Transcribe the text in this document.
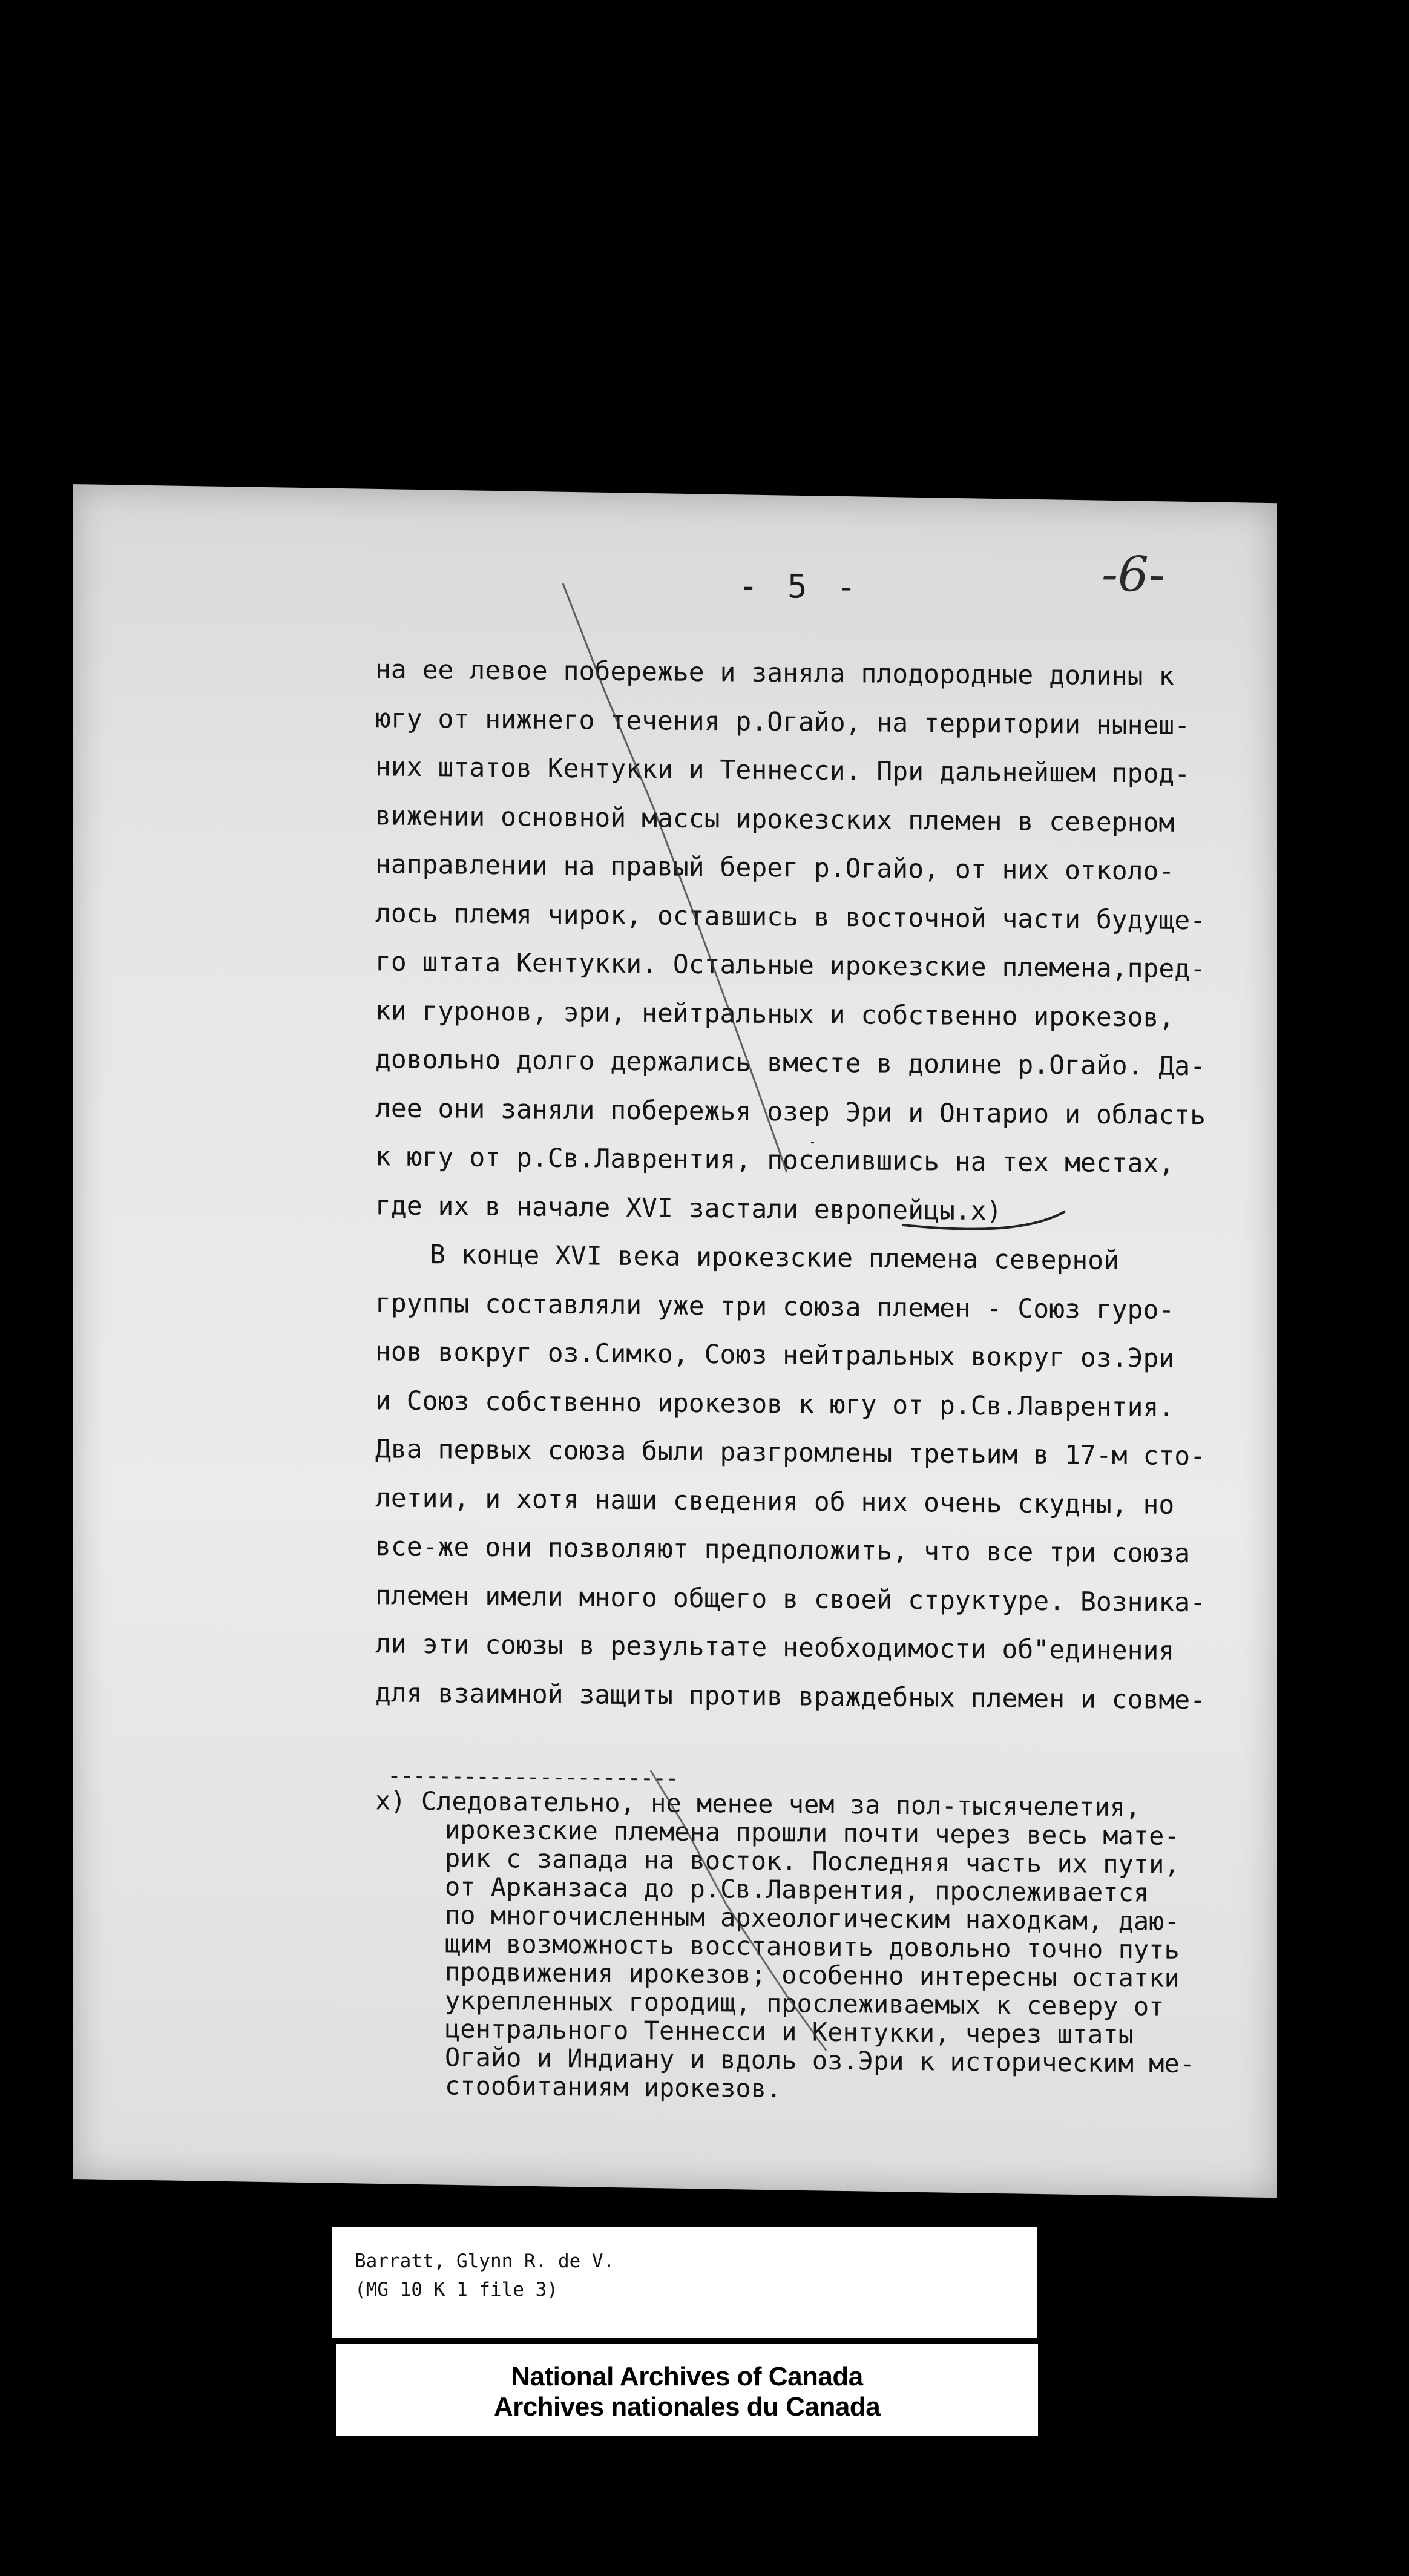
- 5 -	-6-
на ее левое побережье и заняла плодородные долины к
югу от нижнего течения р.Огайо, на территории нынеш-
них штатов Кентукки и Теннесси. При дальнейшем прод-
вижении основной массы ирокезских племен в северном
направлении на правый берег р.Огайо, от них отколо-
лось племя чирок, оставшись в восточной части будуще-
го штата Кентукки. Остальные ирокезские племена,пред-
ки гуронов, эри, нейтральных и собственно ирокезов,
довольно долго держались вместе в долине р.Огайо. Да-
лее они заняли побережья озер Эри и Онтарио и область
к югу от р.Св.Лаврентия, поселившись на тех местах,
где их в начале XVI застали европейцы.x)
В конце XVI века ирокезские племена северной
группы составляли уже три союза племен - Союз гуро-
нов вокруг оз.Симко, Союз нейтральных вокруг оз.Эри
и Союз собственно ирокезов к югу от р.Св.Лаврентия.
Два первых союза были разгромлены третьим в 17-м сто-
летии, и хотя наши сведения об них очень скудны, но
все-же они позволяют предположить, что все три союза
племен имели много общего в своей структуре. Возника-
ли эти союзы в результате необходимости об"единения
для взаимной защиты против враждебных племен и совме-
-----------------------
x) Следовательно, не менее чем за пол-тысячелетия,
ирокезские племена прошли почти через весь мате-
рик с запада на восток. Последняя часть их пути,
от Арканзаса до р.Св.Лаврентия, прослеживается
по многочисленным археологическим находкам, даю-
щим возможность восстановить довольно точно путь
продвижения ирокезов; особенно интересны остатки
укрепленных городищ, прослеживаемых к северу от
центрального Теннесси и Кентукки, через штаты
Огайо и Индиану и вдоль оз.Эри к историческим ме-
стообитаниям ирокезов.
Barratt, Glynn R. de V.
(MG 10 K 1 file 3)
National Archives of Canada
Archives nationales du Canada
